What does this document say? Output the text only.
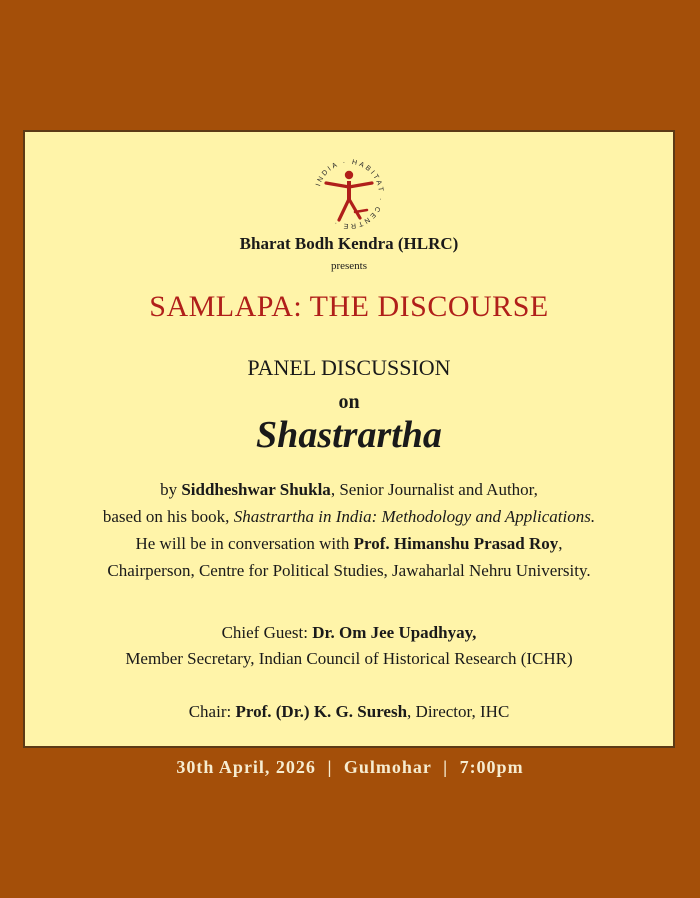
INDIA · HABITAT · CENTRE ·
Bharat Bodh Kendra (HLRC)
presents
SAMLAPA: THE DISCOURSE
PANEL DISCUSSION
on
Shastrartha
by Siddheshwar Shukla, Senior Journalist and Author,
based on his book, Shastrartha in India: Methodology and Applications.
He will be in conversation with Prof. Himanshu Prasad Roy,
Chairperson, Centre for Political Studies, Jawaharlal Nehru University.
Chief Guest: Dr. Om Jee Upadhyay,
Member Secretary, Indian Council of Historical Research (ICHR)
Chair: Prof. (Dr.) K. G. Suresh, Director, IHC
30th April, 2026 | Gulmohar | 7:00pm
